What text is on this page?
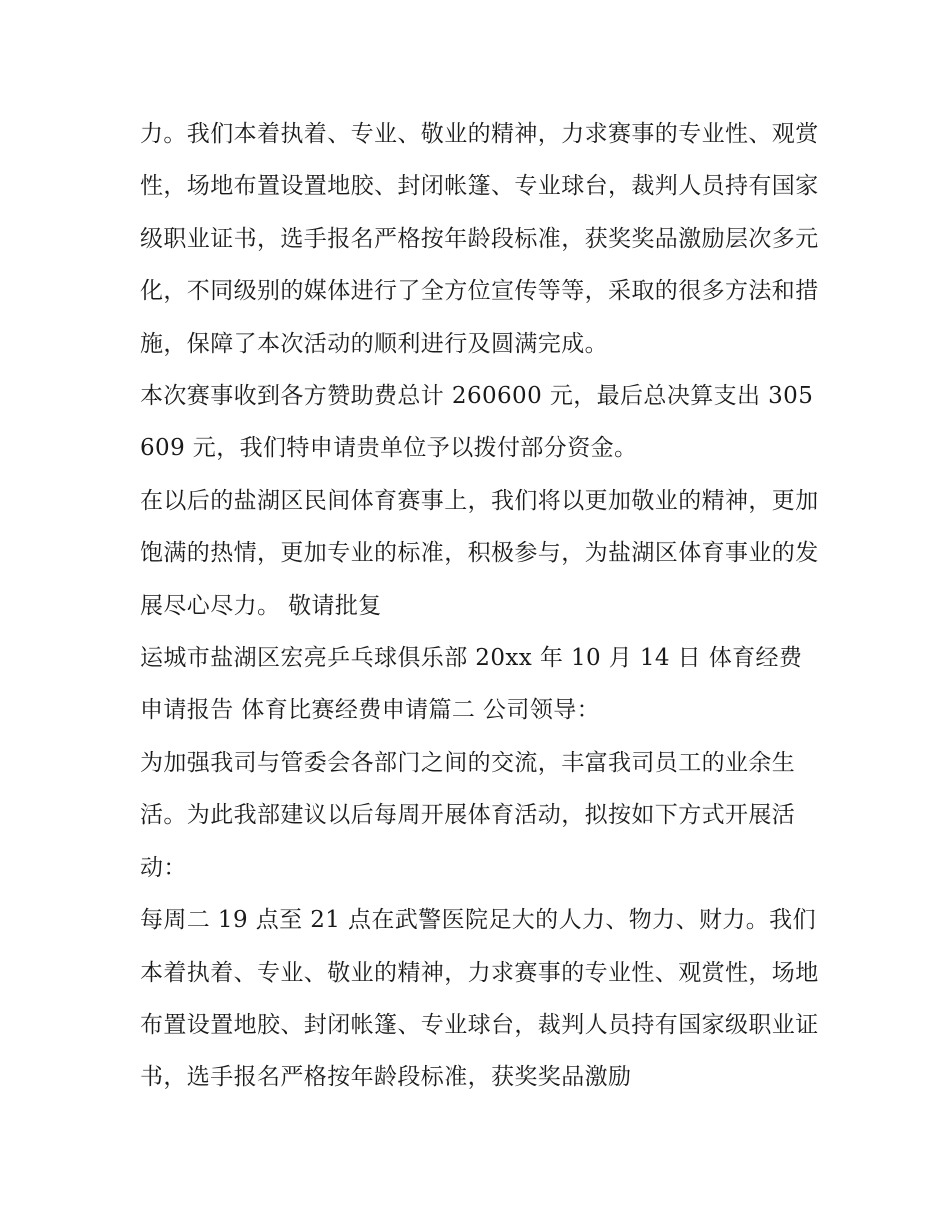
力。我们本着执着、专业、敬业的精神，力求赛事的专业性、观赏性，场地布置设置地胶、封闭帐篷、专业球台，裁判人员持有国家级职业证书，选手报名严格按年龄段标准，获奖奖品激励层次多元化，不同级别的媒体进行了全方位宣传等等，采取的很多方法和措施，保障了本次活动的顺利进行及圆满完成。

本次赛事收到各方赞助费总计 260600 元，最后总决算支出 305609 元，我们特申请贵单位予以拨付部分资金。

在以后的盐湖区民间体育赛事上，我们将以更加敬业的精神，更加饱满的热情，更加专业的标准，积极参与，为盐湖区体育事业的发展尽心尽力。 敬请批复

运城市盐湖区宏亮乒乓球俱乐部 20xx 年 10 月 14 日 体育经费申请报告 体育比赛经费申请篇二 公司领导：

为加强我司与管委会各部门之间的交流，丰富我司员工的业余生活。为此我部建议以后每周开展体育活动，拟按如下方式开展活动：

每周二 19 点至 21 点在武警医院足大的人力、物力、财力。我们本着执着、专业、敬业的精神，力求赛事的专业性、观赏性，场地布置设置地胶、封闭帐篷、专业球台，裁判人员持有国家级职业证书，选手报名严格按年龄段标准，获奖奖品激励
